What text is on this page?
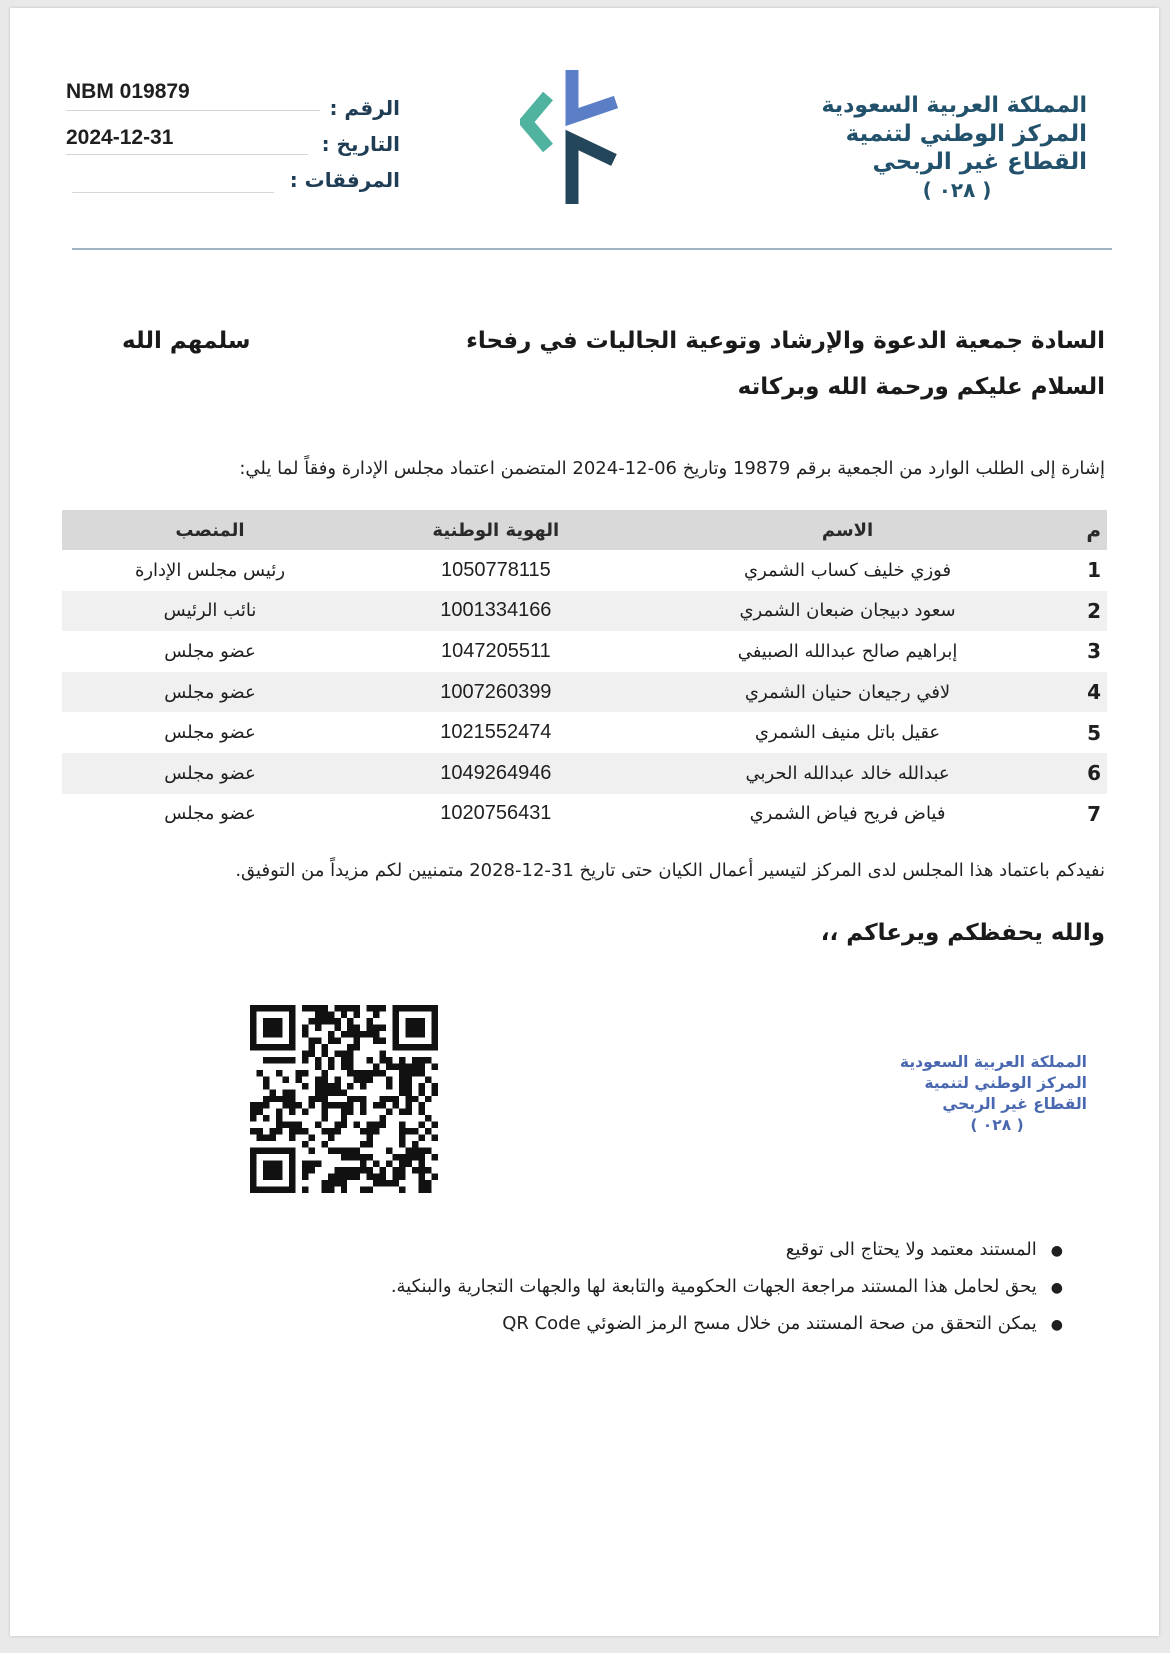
NBM 019879
الرقم :
2024-12-31	التاريخ :
المرفقات :
المملكة العربية السعودية
المركز الوطني لتنمية
القطاع غير الربحي
( ٠٢٨ )
السادة جمعية الدعوة والإرشاد وتوعية الجاليات في رفحاء
سلمهم الله
السلام عليكم ورحمة الله وبركاته
إشارة إلى الطلب الوارد من الجمعية برقم 19879 وتاريخ 06-12-2024 المتضمن اعتماد مجلس الإدارة وفقاً لما يلي:
م	الاسم	الهوية الوطنية	المنصب
1	فوزي خليف كساب الشمري	1050778115	رئيس مجلس الإدارة
2	سعود دبيجان ضبعان الشمري	1001334166	نائب الرئيس
3	إبراهيم صالح عبدالله الصبيفي	1047205511	عضو مجلس
4	لافي رجيعان حنيان الشمري	1007260399	عضو مجلس
5	عقيل باتل منيف الشمري	1021552474	عضو مجلس
6	عبدالله خالد عبدالله الحربي	1049264946	عضو مجلس
7	فياض فريح فياض الشمري	1020756431	عضو مجلس
نفيدكم باعتماد هذا المجلس لدى المركز لتيسير أعمال الكيان حتى تاريخ 31-12-2028 متمنيين لكم مزيداً من التوفيق.
والله يحفظكم ويرعاكم ،،
المملكة العربية السعودية
المركز الوطني لتنمية
القطاع غير الربحي
( ٠٢٨ )
●المستند معتمد ولا يحتاج الى توقيع
●يحق لحامل هذا المستند مراجعة الجهات الحكومية والتابعة لها والجهات التجارية والبنكية.
●يمكن التحقق من صحة المستند من خلال مسح الرمز الضوئي QR Code
